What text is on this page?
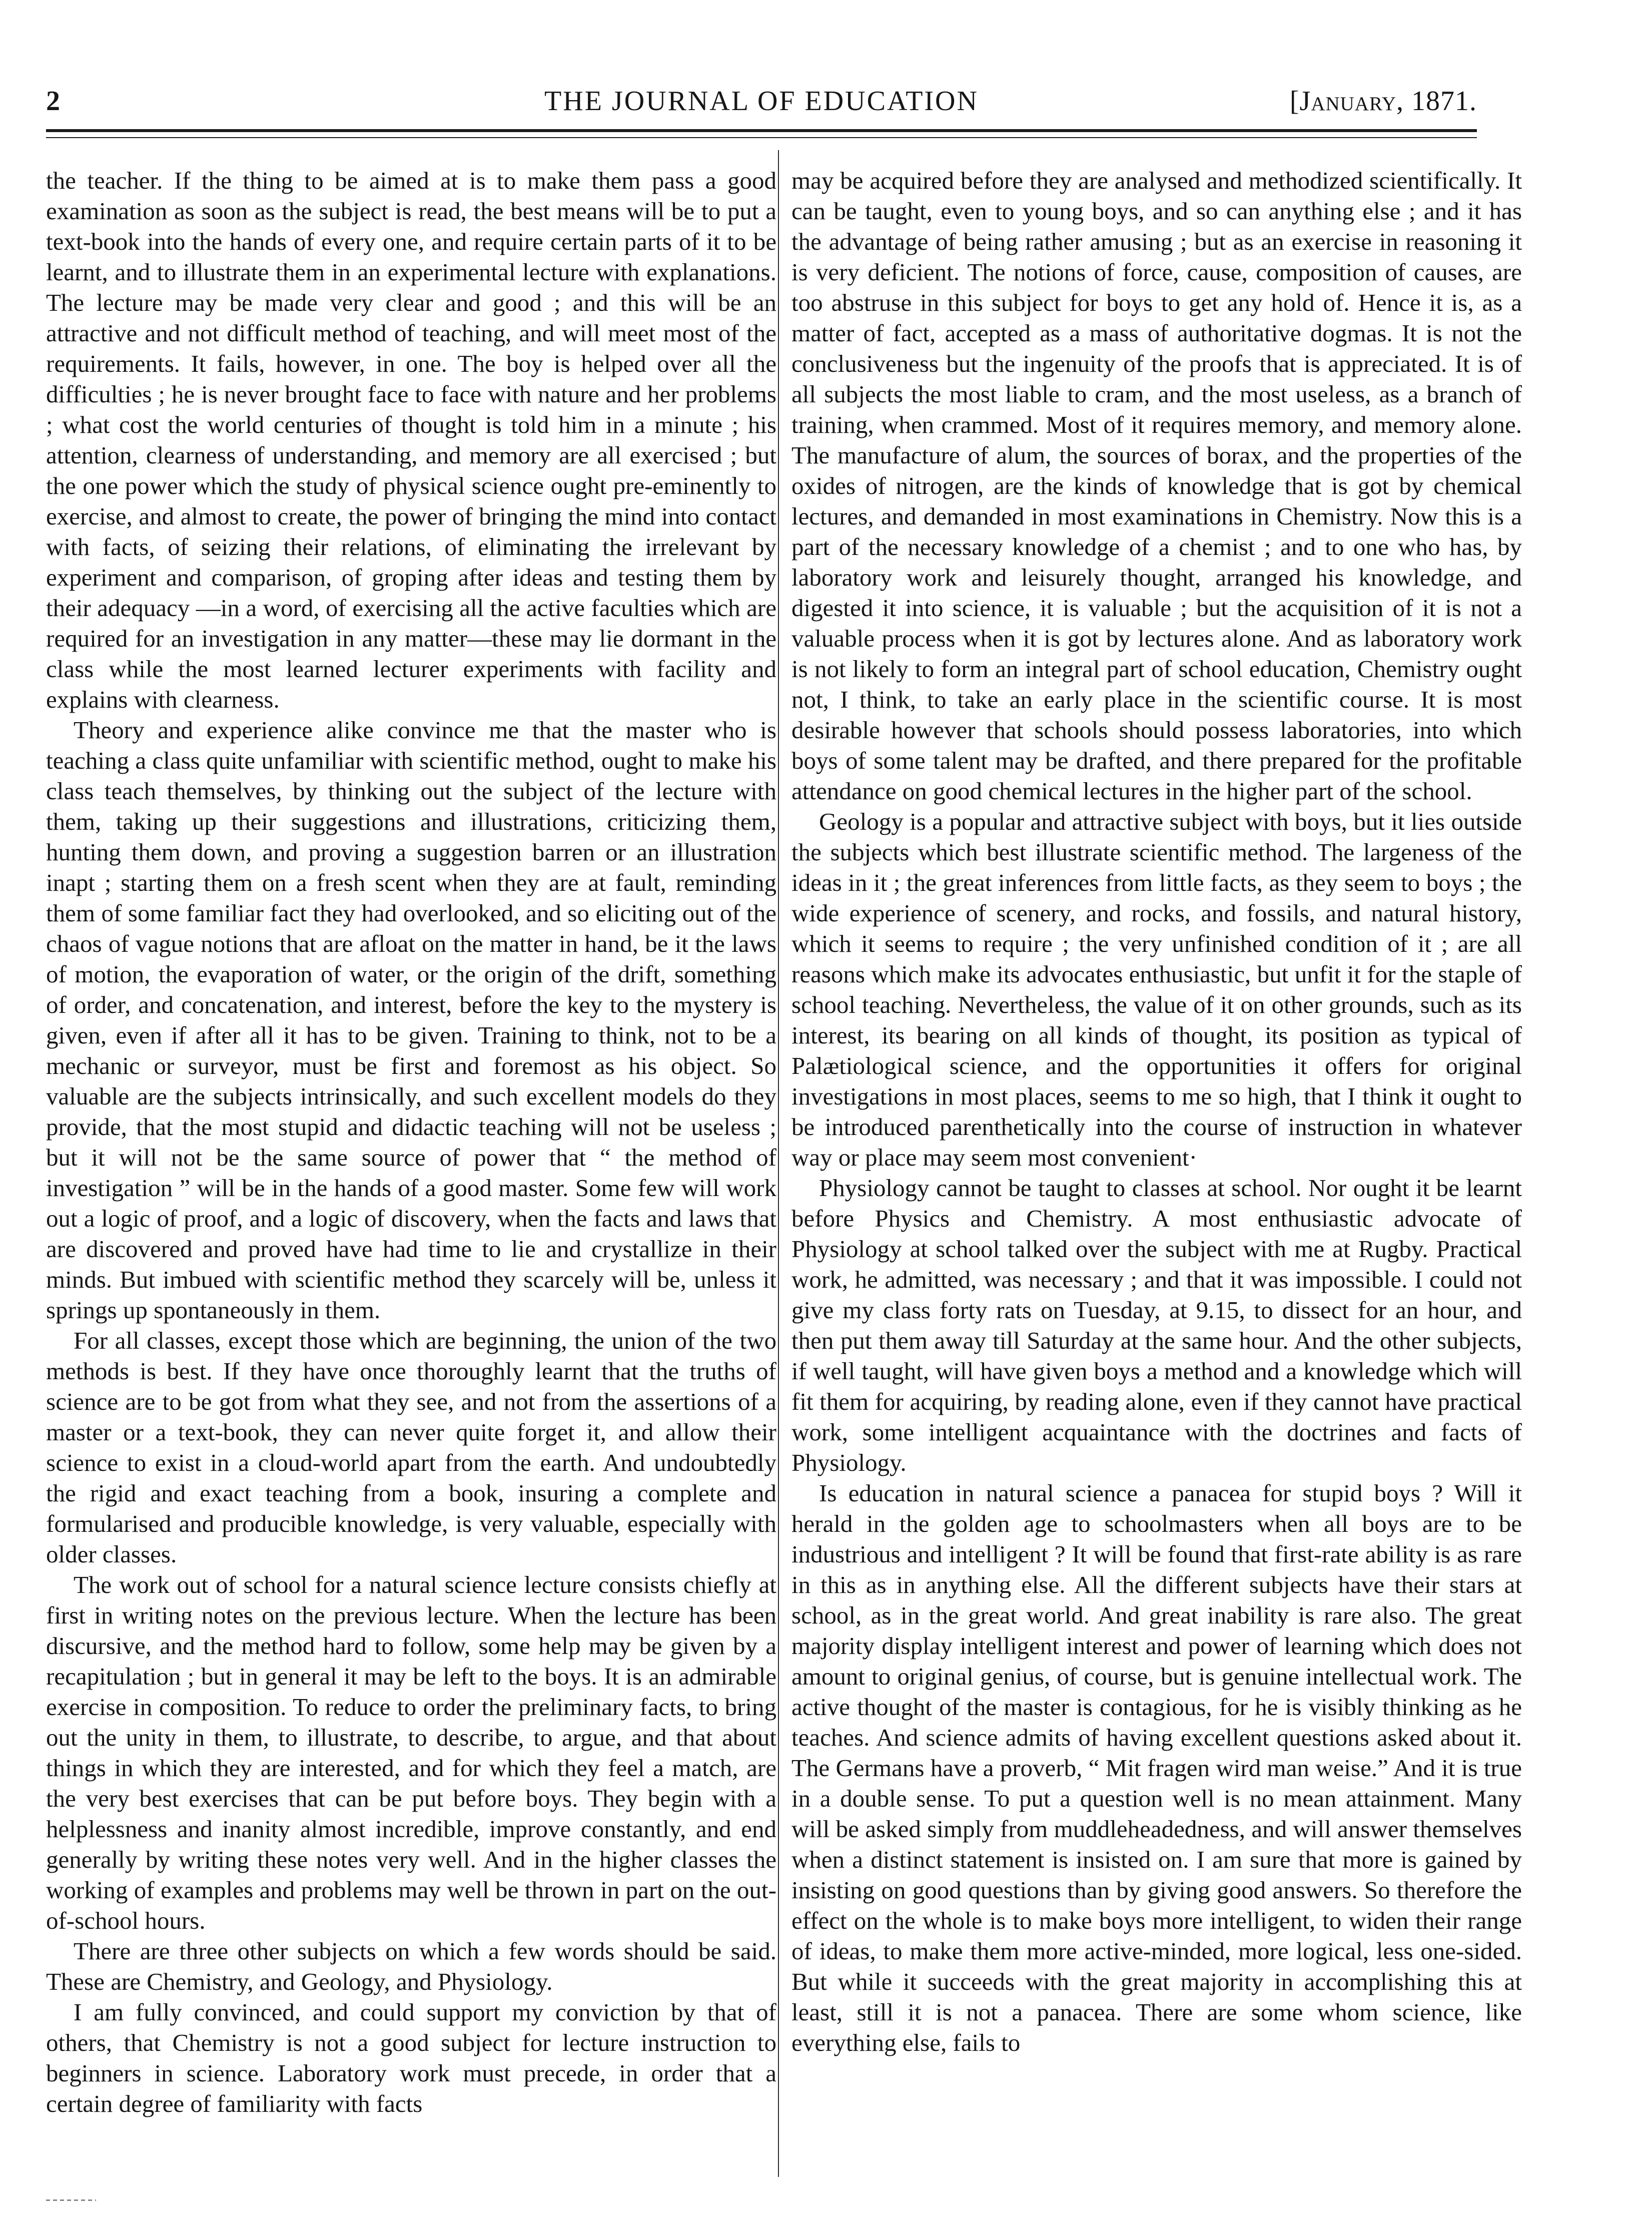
2	THE JOURNAL OF EDUCATION	[January, 1871.

the teacher. If the thing to be aimed at is to make them pass a good examination as soon as the subject is read, the best means will be to put a text-book into the hands of every one, and require certain parts of it to be learnt, and to illustrate them in an experimental lecture with explanations. The lecture may be made very clear and good ; and this will be an attractive and not difficult method of teaching, and will meet most of the requirements. It fails, however, in one. The boy is helped over all the difficulties ; he is never brought face to face with nature and her problems ; what cost the world centuries of thought is told him in a minute ; his attention, clearness of understanding, and memory are all exercised ; but the one power which the study of physical science ought pre-eminently to exercise, and almost to create, the power of bringing the mind into contact with facts, of seizing their relations, of eliminating the irrelevant by experiment and comparison, of groping after ideas and testing them by their adequacy —in a word, of exercising all the active faculties which are required for an investigation in any matter—these may lie dormant in the class while the most learned lecturer experiments with facility and explains with clearness.

Theory and experience alike convince me that the master who is teaching a class quite unfamiliar with scientific method, ought to make his class teach themselves, by thinking out the subject of the lecture with them, taking up their suggestions and illustrations, criticizing them, hunting them down, and proving a suggestion barren or an illustration inapt ; starting them on a fresh scent when they are at fault, reminding them of some familiar fact they had overlooked, and so eliciting out of the chaos of vague notions that are afloat on the matter in hand, be it the laws of motion, the evaporation of water, or the origin of the drift, something of order, and concatenation, and interest, before the key to the mystery is given, even if after all it has to be given. Training to think, not to be a mechanic or surveyor, must be first and foremost as his object. So valuable are the subjects intrinsically, and such excellent models do they provide, that the most stupid and didactic teaching will not be useless ; but it will not be the same source of power that “ the method of investigation ” will be in the hands of a good master. Some few will work out a logic of proof, and a logic of discovery, when the facts and laws that are discovered and proved have had time to lie and crystallize in their minds. But imbued with scientific method they scarcely will be, unless it springs up spontaneously in them.

For all classes, except those which are beginning, the union of the two methods is best. If they have once thoroughly learnt that the truths of science are to be got from what they see, and not from the assertions of a master or a text-book, they can never quite forget it, and allow their science to exist in a cloud-world apart from the earth. And undoubtedly the rigid and exact teaching from a book, insuring a complete and formularised and producible knowledge, is very valuable, especially with older classes.

The work out of school for a natural science lecture consists chiefly at first in writing notes on the previous lecture. When the lecture has been discursive, and the method hard to follow, some help may be given by a recapitulation ; but in general it may be left to the boys. It is an admirable exercise in composition. To reduce to order the preliminary facts, to bring out the unity in them, to illustrate, to describe, to argue, and that about things in which they are interested, and for which they feel a match, are the very best exercises that can be put before boys. They begin with a helplessness and inanity almost incredible, improve constantly, and end generally by writing these notes very well. And in the higher classes the working of examples and problems may well be thrown in part on the out-of-school hours.

There are three other subjects on which a few words should be said. These are Chemistry, and Geology, and Physiology.

I am fully convinced, and could support my conviction by that of others, that Chemistry is not a good subject for lecture instruction to beginners in science. Laboratory work must precede, in order that a certain degree of familiarity with facts

may be acquired before they are analysed and methodized scientifically. It can be taught, even to young boys, and so can anything else ; and it has the advantage of being rather amusing ; but as an exercise in reasoning it is very deficient. The notions of force, cause, composition of causes, are too abstruse in this subject for boys to get any hold of. Hence it is, as a matter of fact, accepted as a mass of authoritative dogmas. It is not the conclusiveness but the ingenuity of the proofs that is appreciated. It is of all subjects the most liable to cram, and the most useless, as a branch of training, when crammed. Most of it requires memory, and memory alone. The manufacture of alum, the sources of borax, and the properties of the oxides of nitrogen, are the kinds of knowledge that is got by chemical lectures, and demanded in most examinations in Chemistry. Now this is a part of the necessary knowledge of a chemist ; and to one who has, by laboratory work and leisurely thought, arranged his knowledge, and digested it into science, it is valuable ; but the acquisition of it is not a valuable process when it is got by lectures alone. And as laboratory work is not likely to form an integral part of school education, Chemistry ought not, I think, to take an early place in the scientific course. It is most desirable however that schools should possess laboratories, into which boys of some talent may be drafted, and there prepared for the profitable attendance on good chemical lectures in the higher part of the school.

Geology is a popular and attractive subject with boys, but it lies outside the subjects which best illustrate scientific method. The largeness of the ideas in it ; the great inferences from little facts, as they seem to boys ; the wide experience of scenery, and rocks, and fossils, and natural history, which it seems to require ; the very unfinished condition of it ; are all reasons which make its advocates enthusiastic, but unfit it for the staple of school teaching. Nevertheless, the value of it on other grounds, such as its interest, its bearing on all kinds of thought, its position as typical of Palætiological science, and the opportunities it offers for original investigations in most places, seems to me so high, that I think it ought to be introduced parenthetically into the course of instruction in whatever way or place may seem most convenient·

Physiology cannot be taught to classes at school. Nor ought it be learnt before Physics and Chemistry. A most enthusiastic advocate of Physiology at school talked over the subject with me at Rugby. Practical work, he admitted, was necessary ; and that it was impossible. I could not give my class forty rats on Tuesday, at 9.15, to dissect for an hour, and then put them away till Saturday at the same hour. And the other subjects, if well taught, will have given boys a method and a knowledge which will fit them for acquiring, by reading alone, even if they cannot have practical work, some intelligent acquaintance with the doctrines and facts of Physiology.

Is education in natural science a panacea for stupid boys ? Will it herald in the golden age to schoolmasters when all boys are to be industrious and intelligent ? It will be found that first-rate ability is as rare in this as in anything else. All the different subjects have their stars at school, as in the great world. And great inability is rare also. The great majority display intelligent interest and power of learning which does not amount to original genius, of course, but is genuine intellectual work. The active thought of the master is contagious, for he is visibly thinking as he teaches. And science admits of having excellent questions asked about it. The Germans have a proverb, “ Mit fragen wird man weise.” And it is true in a double sense. To put a question well is no mean attainment. Many will be asked simply from muddleheadedness, and will answer themselves when a distinct statement is insisted on. I am sure that more is gained by insisting on good questions than by giving good answers. So therefore the effect on the whole is to make boys more intelligent, to widen their range of ideas, to make them more active-minded, more logical, less one-sided. But while it succeeds with the great majority in accomplishing this at least, still it is not a panacea. There are some whom science, like everything else, fails to
